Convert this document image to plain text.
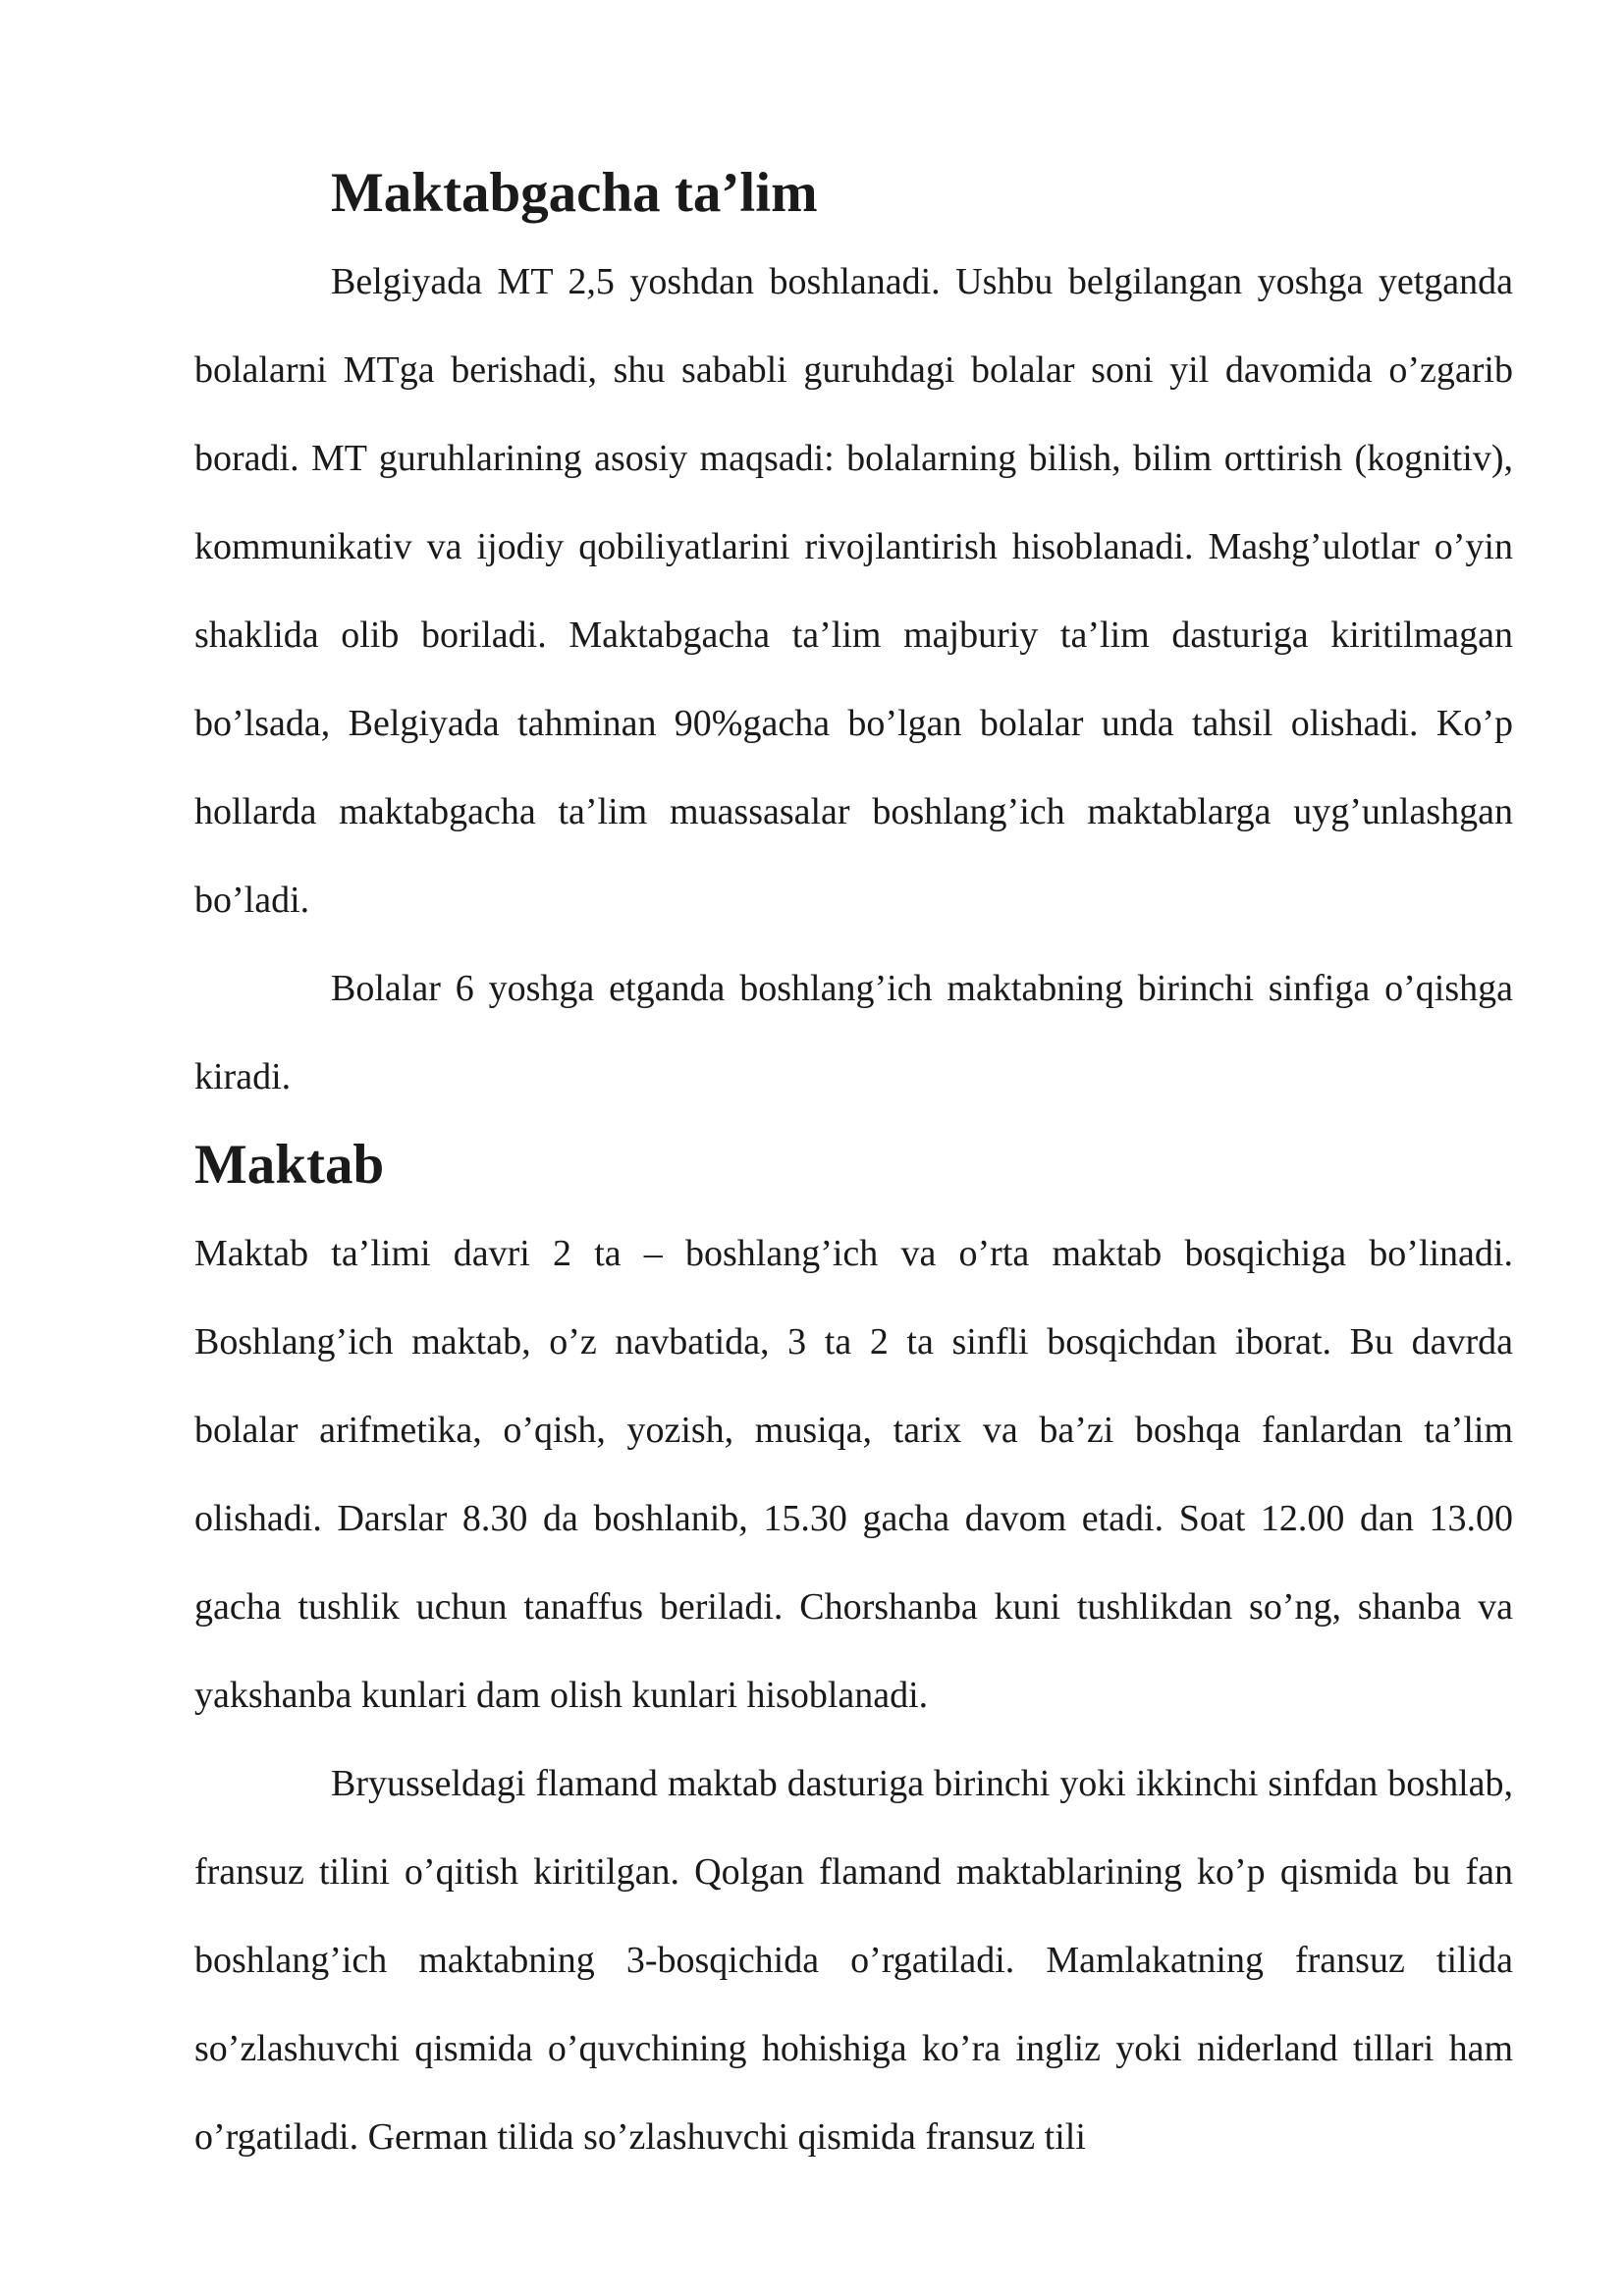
Maktabgacha ta’lim

Belgiyada MT 2,5 yoshdan boshlanadi. Ushbu belgilangan yoshga yetganda bolalarni MTga berishadi, shu sababli guruhdagi bolalar soni yil davomida o’zgarib boradi. MT guruhlarining asosiy maqsadi: bolalarning bilish, bilim orttirish (kognitiv), kommunikativ va ijodiy qobiliyatlarini rivojlantirish hisoblanadi. Mashg’ulotlar o’yin shaklida olib boriladi. Maktabgacha ta’lim majburiy ta’lim dasturiga kiritilmagan bo’lsada, Belgiyada tahminan 90%gacha bo’lgan bolalar unda tahsil olishadi. Ko’p hollarda maktabgacha ta’lim muassasalar boshlang’ich maktablarga uyg’unlashgan bo’ladi.

Bolalar 6 yoshga etganda boshlang’ich maktabning birinchi sinfiga o’qishga kiradi.

Maktab

Maktab ta’limi davri 2 ta – boshlang’ich va o’rta maktab bosqichiga bo’linadi. Boshlang’ich maktab, o’z navbatida, 3 ta 2 ta sinfli bosqichdan iborat. Bu davrda bolalar arifmetika, o’qish, yozish, musiqa, tarix va ba’zi boshqa fanlardan ta’lim olishadi. Darslar 8.30 da boshlanib, 15.30 gacha davom etadi. Soat 12.00 dan 13.00 gacha tushlik uchun tanaffus beriladi. Chorshanba kuni tushlikdan so’ng, shanba va yakshanba kunlari dam olish kunlari hisoblanadi.

Bryusseldagi flamand maktab dasturiga birinchi yoki ikkinchi sinfdan boshlab, fransuz tilini o’qitish kiritilgan. Qolgan flamand maktablarining ko’p qismida bu fan boshlang’ich maktabning 3-bosqichida o’rgatiladi. Mamlakatning fransuz tilida so’zlashuvchi qismida o’quvchining hohishiga ko’ra ingliz yoki niderland tillari ham o’rgatiladi. German tilida so’zlashuvchi qismida fransuz tili
